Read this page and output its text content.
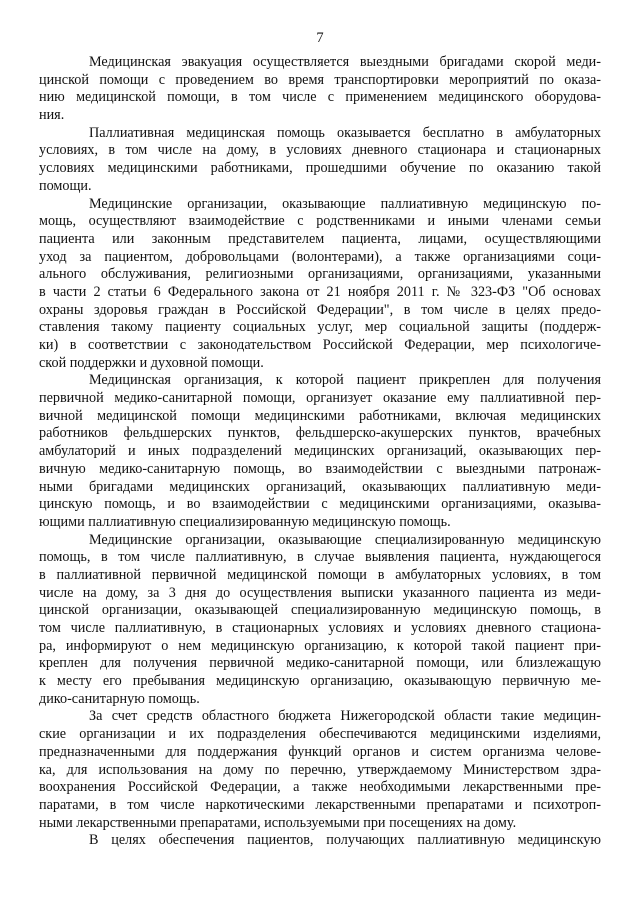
7
Медицинская эвакуация осуществляется выездными бригадами скорой меди-
цинской помощи с проведением во время транспортировки мероприятий по оказа-
нию медицинской помощи, в том числе с применением медицинского оборудова-
ния.
Паллиативная медицинская помощь оказывается бесплатно в амбулаторных
условиях, в том числе на дому, в условиях дневного стационара и стационарных
условиях медицинскими работниками, прошедшими обучение по оказанию такой
помощи.
Медицинские организации, оказывающие паллиативную медицинскую по-
мощь, осуществляют взаимодействие с родственниками и иными членами семьи
пациента или законным представителем пациента, лицами, осуществляющими
уход за пациентом, добровольцами (волонтерами), а также организациями соци-
ального обслуживания, религиозными организациями, организациями, указанными
в части 2 статьи 6 Федерального закона от 21 ноября 2011 г. № 323-ФЗ "Об основах
охраны здоровья граждан в Российской Федерации", в том числе в целях предо-
ставления такому пациенту социальных услуг, мер социальной защиты (поддерж-
ки) в соответствии с законодательством Российской Федерации, мер психологиче-
ской поддержки и духовной помощи.
Медицинская организация, к которой пациент прикреплен для получения
первичной медико-санитарной помощи, организует оказание ему паллиативной пер-
вичной медицинской помощи медицинскими работниками, включая медицинских
работников фельдшерских пунктов, фельдшерско-акушерских пунктов, врачебных
амбулаторий и иных подразделений медицинских организаций, оказывающих пер-
вичную медико-санитарную помощь, во взаимодействии с выездными патронаж-
ными бригадами медицинских организаций, оказывающих паллиативную меди-
цинскую помощь, и во взаимодействии с медицинскими организациями, оказыва-
ющими паллиативную специализированную медицинскую помощь.
Медицинские организации, оказывающие специализированную медицинскую
помощь, в том числе паллиативную, в случае выявления пациента, нуждающегося
в паллиативной первичной медицинской помощи в амбулаторных условиях, в том
числе на дому, за 3 дня до осуществления выписки указанного пациента из меди-
цинской организации, оказывающей специализированную медицинскую помощь, в
том числе паллиативную, в стационарных условиях и условиях дневного стациона-
ра, информируют о нем медицинскую организацию, к которой такой пациент при-
креплен для получения первичной медико-санитарной помощи, или близлежащую
к месту его пребывания медицинскую организацию, оказывающую первичную ме-
дико-санитарную помощь.
За счет средств областного бюджета Нижегородской области такие медицин-
ские организации и их подразделения обеспечиваются медицинскими изделиями,
предназначенными для поддержания функций органов и систем организма челове-
ка, для использования на дому по перечню, утверждаемому Министерством здра-
воохранения Российской Федерации, а также необходимыми лекарственными пре-
паратами, в том числе наркотическими лекарственными препаратами и психотроп-
ными лекарственными препаратами, используемыми при посещениях на дому.
В целях обеспечения пациентов, получающих паллиативную медицинскую
